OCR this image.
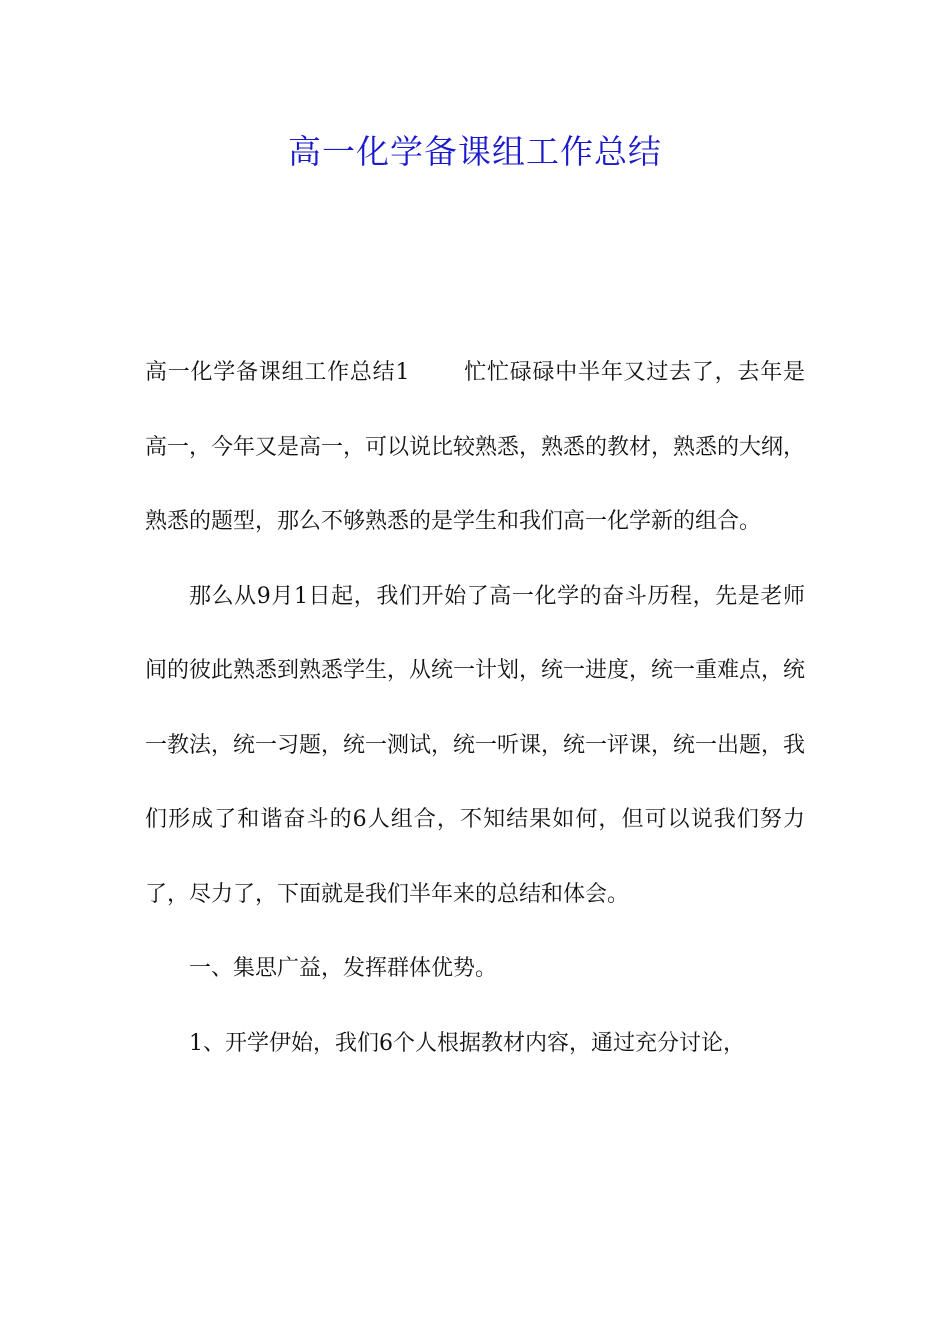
高一化学备课组工作总结

高一化学备课组工作总结1 忙忙碌碌中半年又过去了，去年是高一，今年又是高一，可以说比较熟悉，熟悉的教材，熟悉的大纲，熟悉的题型，那么不够熟悉的是学生和我们高一化学新的组合。

那么从9月1日起，我们开始了高一化学的奋斗历程，先是老师间的彼此熟悉到熟悉学生，从统一计划，统一进度，统一重难点，统一教法，统一习题，统一测试，统一听课，统一评课，统一出题，我们形成了和谐奋斗的6人组合，不知结果如何，但可以说我们努力了，尽力了，下面就是我们半年来的总结和体会。

一、集思广益，发挥群体优势。

1、开学伊始，我们6个人根据教材内容，通过充分讨论，
